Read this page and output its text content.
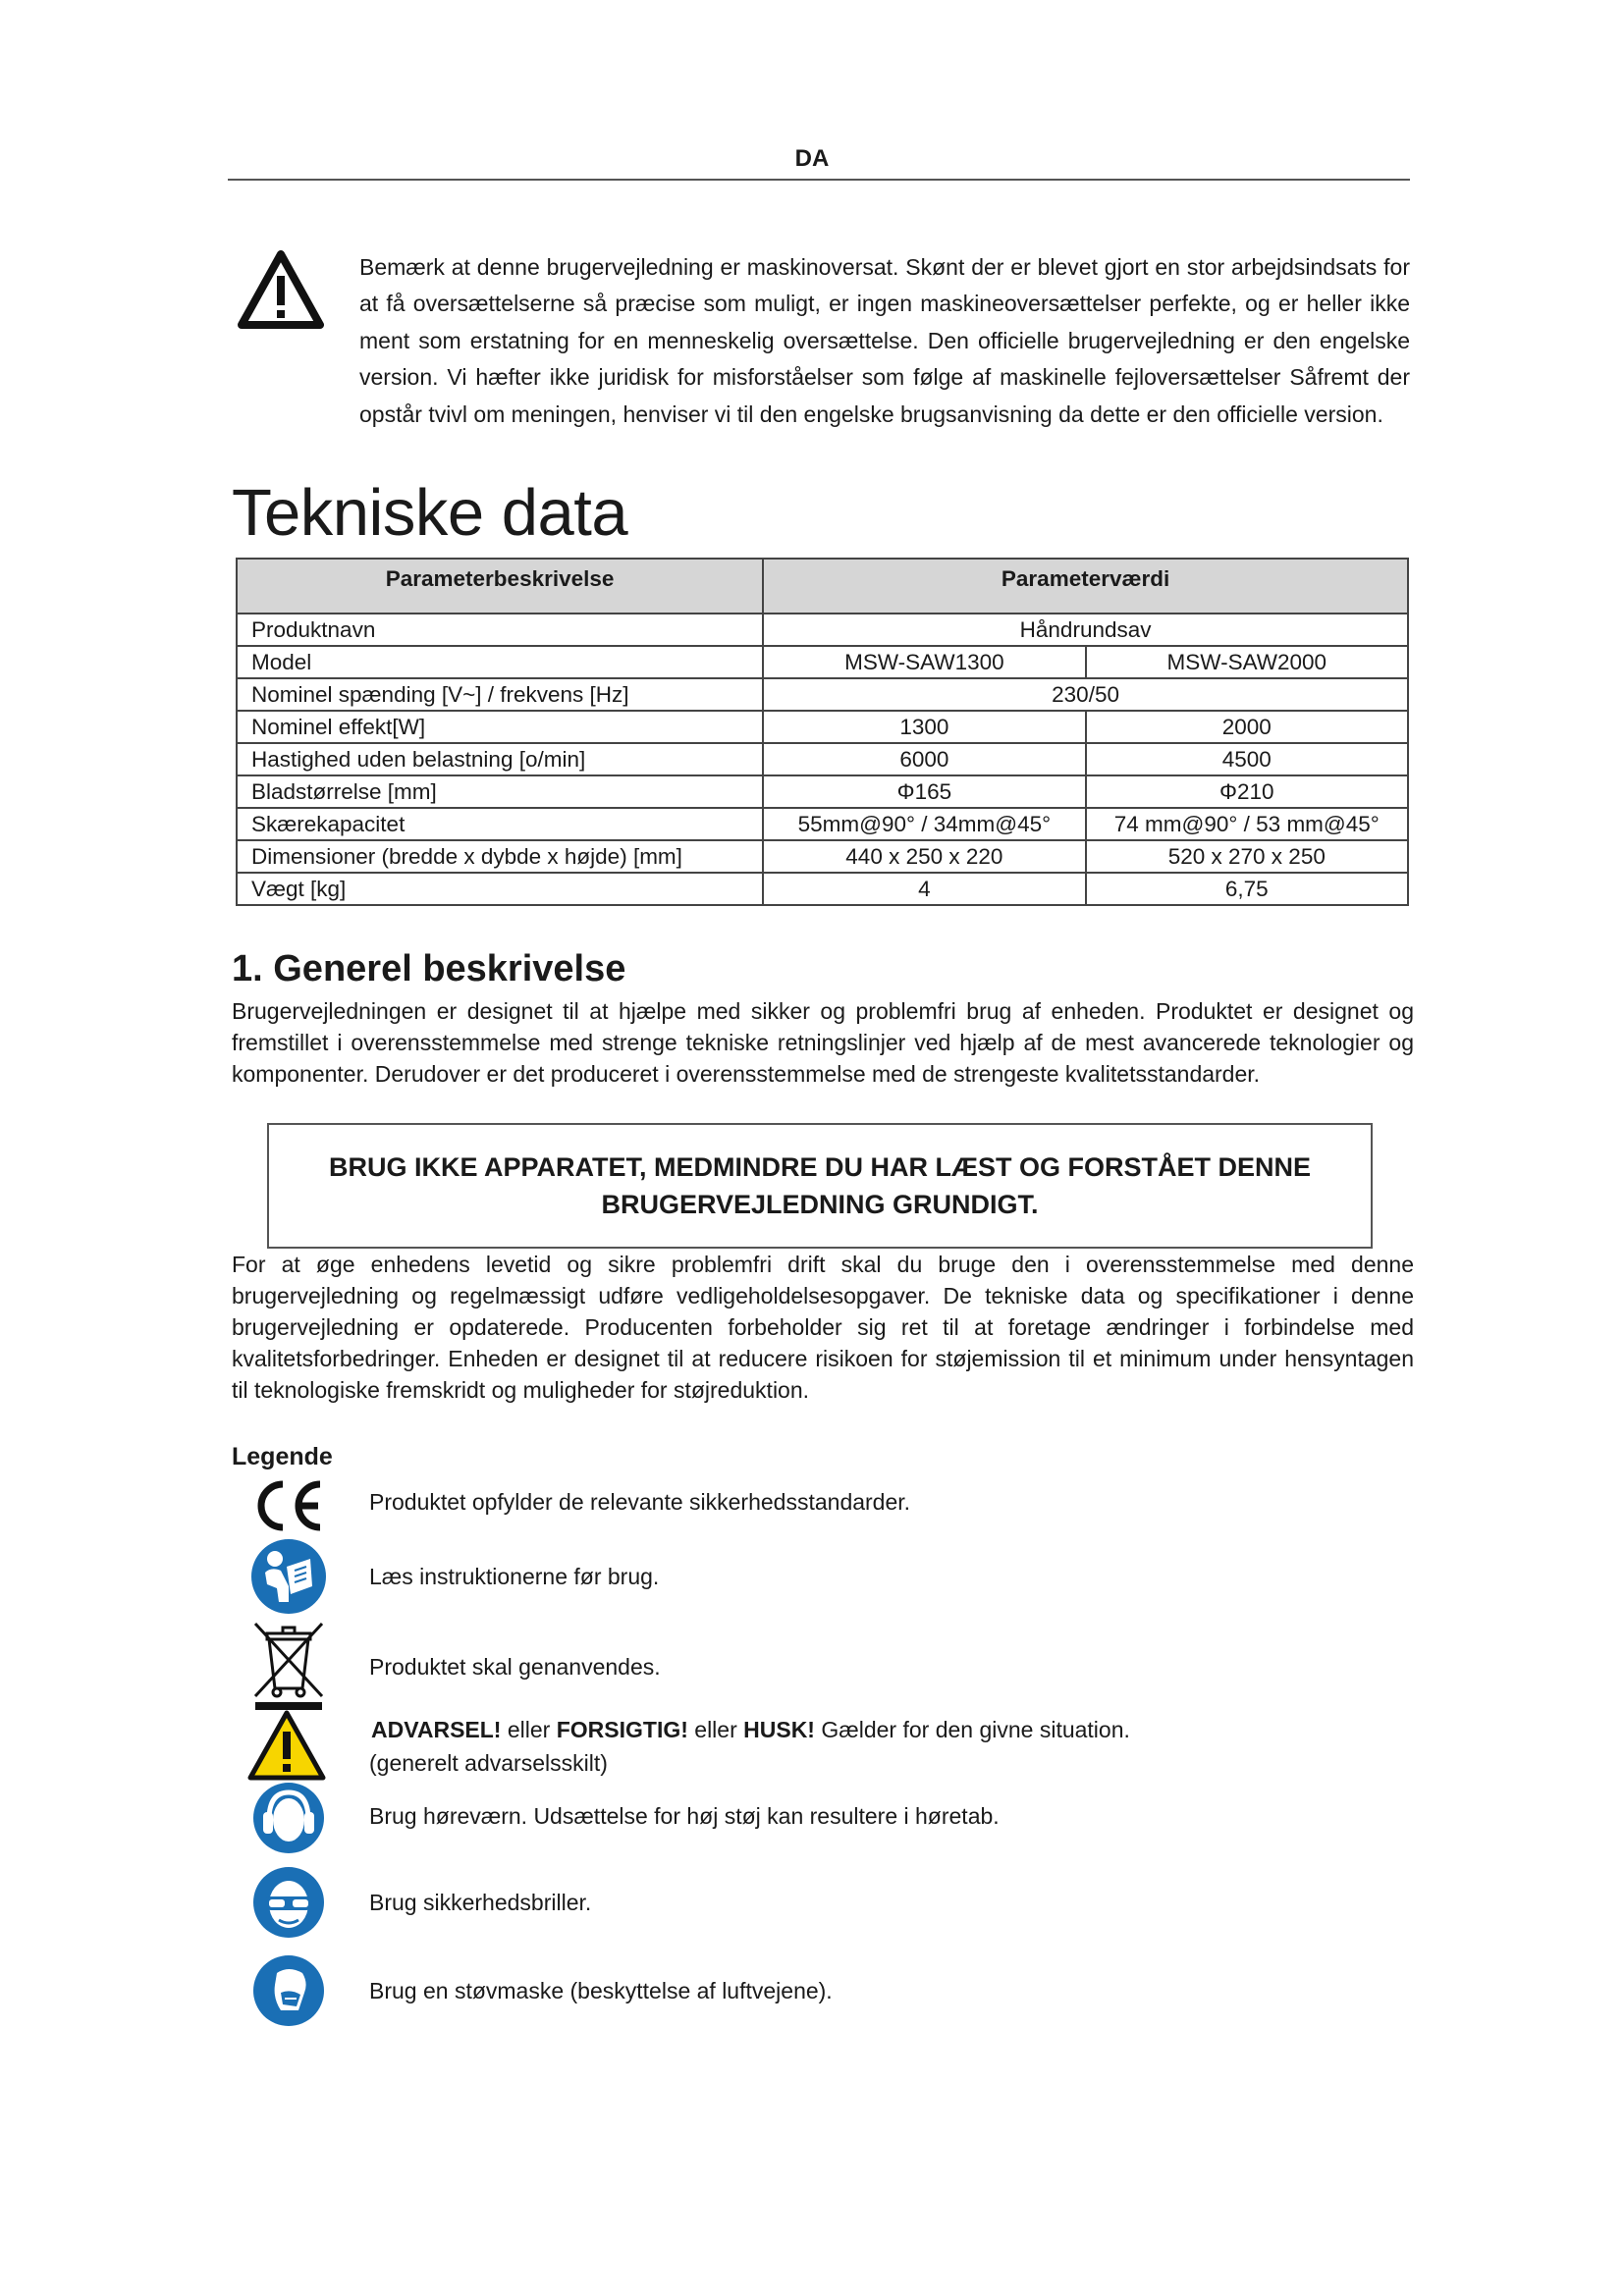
DA

Bemærk at denne brugervejledning er maskinoversat. Skønt der er blevet gjort en stor arbejdsindsats for at få oversættelserne så præcise som muligt, er ingen maskineoversættelser perfekte, og er heller ikke ment som erstatning for en menneskelig oversættelse. Den officielle brugervejledning er den engelske version. Vi hæfter ikke juridisk for misforståelser som følge af maskinelle fejloversættelser Såfremt der opstår tvivl om meningen, henviser vi til den engelske brugsanvisning da dette er den officielle version.

Tekniske data
Parameterbeskrivelse	Parameterværdi	
Produktnavn	Håndrundsav	
Model	MSW-SAW1300	MSW-SAW2000
Nominel spænding [V~] / frekvens [Hz]	230/50	
Nominel effekt[W]	1300	2000
Hastighed uden belastning [o/min]	6000	4500
Bladstørrelse [mm]	Φ165	Φ210
Skærekapacitet	55mm@90° / 34mm@45°	74 mm@90° / 53 mm@45°
Dimensioner (bredde x dybde x højde) [mm]	440 x 250 x 220	520 x 270 x 250
Vægt [kg]	4	6,75
1. Generel beskrivelse

Brugervejledningen er designet til at hjælpe med sikker og problemfri brug af enheden. Produktet er designet og fremstillet i overensstemmelse med strenge tekniske retningslinjer ved hjælp af de mest avancerede teknologier og komponenter. Derudover er det produceret i overensstemmelse med de strengeste kvalitetsstandarder.

BRUG IKKE APPARATET, MEDMINDRE DU HAR LÆST OG FORSTÅET DENNE BRUGERVEJLEDNING GRUNDIGT.

For at øge enhedens levetid og sikre problemfri drift skal du bruge den i overensstemmelse med denne brugervejledning og regelmæssigt udføre vedligeholdelsesopgaver. De tekniske data og specifikationer i denne brugervejledning er opdaterede. Producenten forbeholder sig ret til at foretage ændringer i forbindelse med kvalitetsforbedringer. Enheden er designet til at reducere risikoen for støjemission til et minimum under hensyntagen til teknologiske fremskridt og muligheder for støjreduktion.

Legende
Produktet opfylder de relevante sikkerhedsstandarder.
Læs instruktionerne før brug.
Produktet skal genanvendes.
ADVARSEL! eller FORSIGTIG! eller HUSK! Gælder for den givne situation.
(generelt advarselsskilt)
Brug høreværn. Udsættelse for høj støj kan resultere i høretab.
Brug sikkerhedsbriller.
Brug en støvmaske (beskyttelse af luftvejene).
